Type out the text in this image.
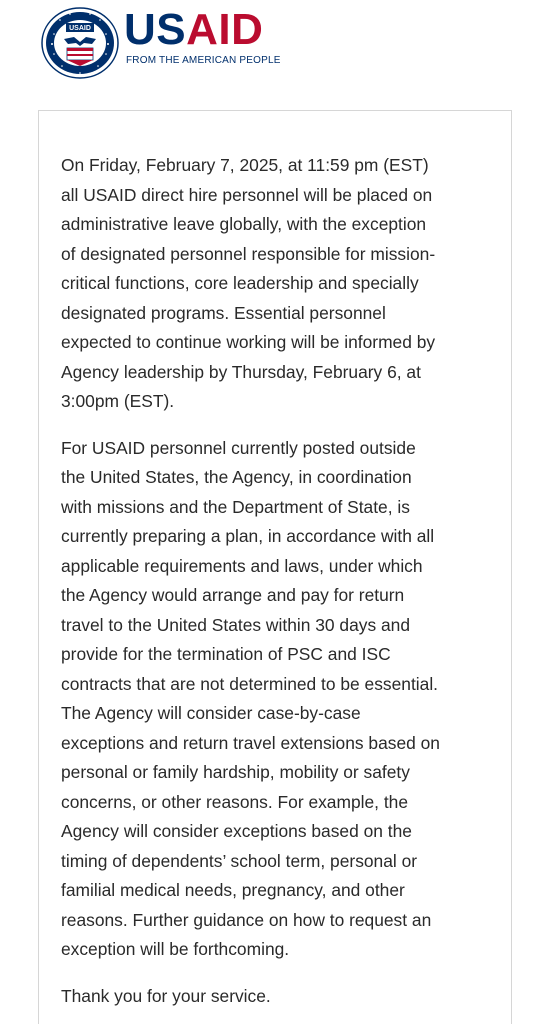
USAID USAID
FROM THE AMERICAN PEOPLE

On Friday, February 7, 2025, at 11:59 pm (EST)
all USAID direct hire personnel will be placed on
administrative leave globally, with the exception
of designated personnel responsible for mission-
critical functions, core leadership and specially
designated programs. Essential personnel
expected to continue working will be informed by
Agency leadership by Thursday, February 6, at
3:00pm (EST).

For USAID personnel currently posted outside
the United States, the Agency, in coordination
with missions and the Department of State, is
currently preparing a plan, in accordance with all
applicable requirements and laws, under which
the Agency would arrange and pay for return
travel to the United States within 30 days and
provide for the termination of PSC and ISC
contracts that are not determined to be essential.
The Agency will consider case-by-case
exceptions and return travel extensions based on
personal or family hardship, mobility or safety
concerns, or other reasons. For example, the
Agency will consider exceptions based on the
timing of dependents’ school term, personal or
familial medical needs, pregnancy, and other
reasons. Further guidance on how to request an
exception will be forthcoming.

Thank you for your service.
